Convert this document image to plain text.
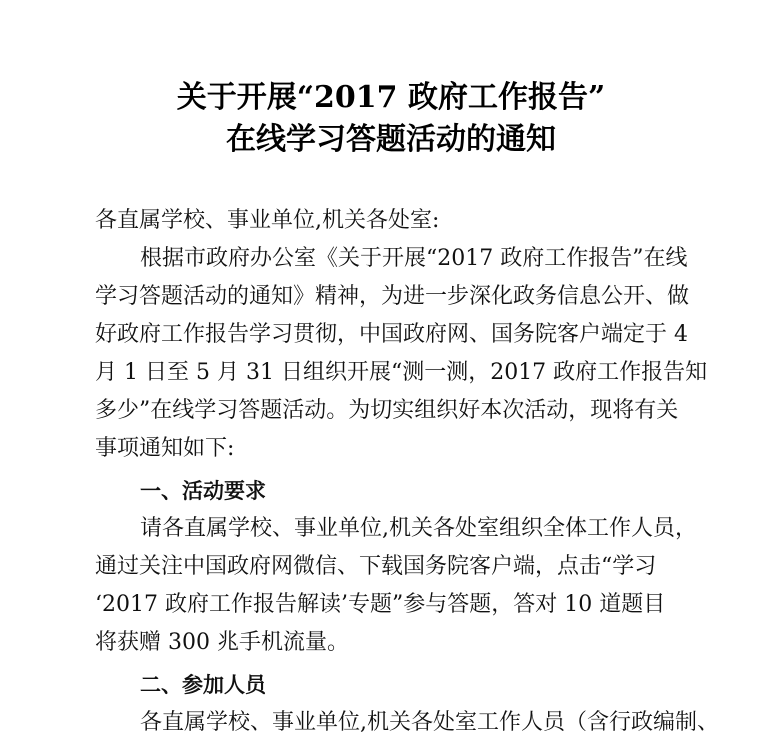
关于开展“2017 政府工作报告”
在线学习答题活动的通知
各直属学校、事业单位,机关各处室:
根据市政府办公室《关于开展“2017 政府工作报告”在线
学习答题活动的通知》精神，为进一步深化政务信息公开、做
好政府工作报告学习贯彻，中国政府网、国务院客户端定于 4
月 1 日至 5 月 31 日组织开展“测一测，2017 政府工作报告知
多少”在线学习答题活动。为切实组织好本次活动，现将有关
事项通知如下:
一、活动要求
请各直属学校、事业单位,机关各处室组织全体工作人员，
通过关注中国政府网微信、下载国务院客户端，点击“学习
‘2017 政府工作报告解读’专题”参与答题，答对 10 道题目
将获赠 300 兆手机流量。
二、参加人员
各直属学校、事业单位,机关各处室工作人员（含行政编制、
